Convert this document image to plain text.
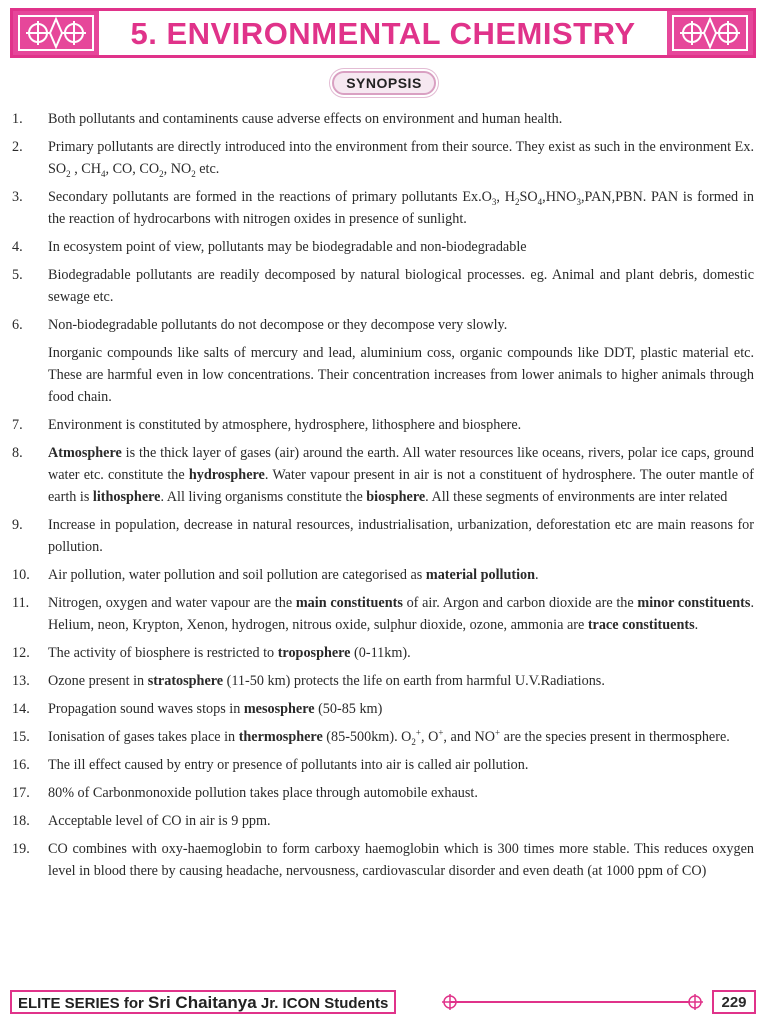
5. ENVIRONMENTAL CHEMISTRY
SYNOPSIS
1.	Both pollutants and contaminents cause adverse effects on environment and human health.
2.	Primary pollutants are directly introduced into the environment from their source. They exist as such in the environment Ex. $SO_2$ , $CH_4$, CO, $CO_2$, $NO_2$ etc.
3.	Secondary pollutants are formed in the reactions of primary pollutants $Ex.O_3$, $H_2SO_4,HNO_3,PAN,PBN$. PAN is formed in the reaction of hydrocarbons with nitrogen oxides in presence of sunlight.
4.	In ecosystem point of view, pollutants may be biodegradable and non-biodegradable
5.	Biodegradable pollutants are readily decomposed by natural biological processes. eg. Animal and plant debris, domestic sewage etc.
6.	Non-biodegradable pollutants do not decompose or they decompose very slowly.
Inorganic compounds like salts of mercury and lead, aluminium coss, organic compounds like DDT, plastic material etc. These are harmful even in low concentrations. Their concentration increases from lower animals to higher animals through food chain.
7.	Environment is constituted by atmosphere, hydrosphere, lithosphere and biosphere.
8.	Atmosphere is the thick layer of gases (air) around the earth. All water resources like oceans, rivers, polar ice caps, ground water etc. constitute the hydrosphere. Water vapour present in air is not a constituent of hydrosphere. The outer mantle of earth is lithosphere. All living organisms constitute the biosphere. All these segments of environments are inter related
9.	Increase in population, decrease in natural resources, industrialisation, urbanization, deforestation etc are main reasons for pollution.
10.	Air pollution, water pollution and soil pollution are categorised as material pollution.
11.	Nitrogen, oxygen and water vapour are the main constituents of air. Argon and carbon dioxide are the minor constituents. Helium, neon, Krypton, Xenon, hydrogen, nitrous oxide, sulphur dioxide, ozone, ammonia are trace constituents.
12.	The activity of biosphere is restricted to troposphere (0-11km).
13.	Ozone present in stratosphere (11-50 km) protects the life on earth from harmful U.V.Radiations.
14.	Propagation sound waves stops in mesosphere (50-85 km)
15.	Ionisation of gases takes place in thermosphere (85-500km). $O_2^+$, O+, and NO+ are the species present in thermosphere.
16.	The ill effect caused by entry or presence of pollutants into air is called air pollution.
17.	80% of Carbonmonoxide pollution takes place through automobile exhaust.
18.	Acceptable level of CO in air is 9 ppm.
19.	CO combines with oxy-haemoglobin to form carboxy haemoglobin which is 300 times more stable. This reduces oxygen level in blood there by causing headache, nervousness, cardiovascular disorder and even death (at 1000 ppm of CO)
ELITE SERIES for Sri Chaitanya Jr. ICON Students	229
